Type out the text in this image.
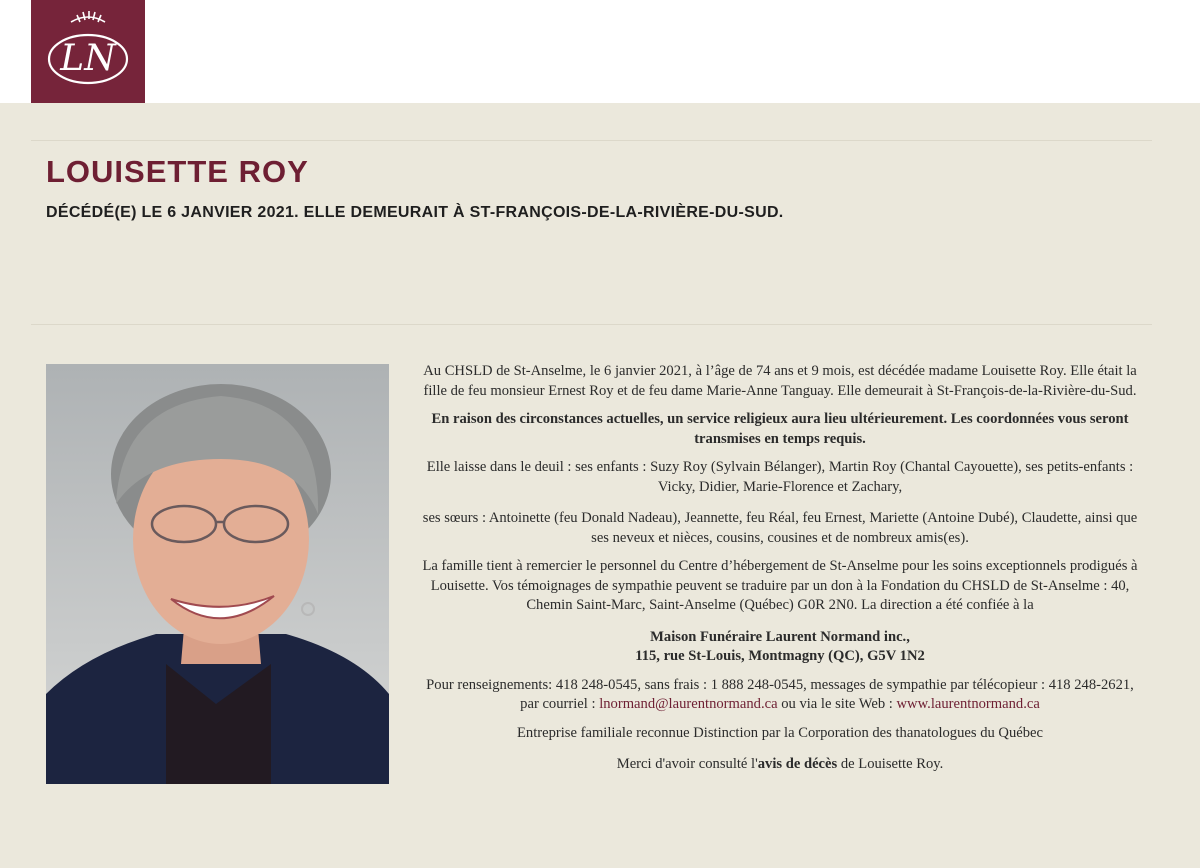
LN
LOUISETTE ROY
DÉCÉDÉ(E) LE 6 JANVIER 2021. ELLE DEMEURAIT À ST-FRANÇOIS-DE-LA-RIVIÈRE-DU-SUD.

Au CHSLD de St-Anselme, le 6 janvier 2021, à l’âge de 74 ans et 9 mois, est décédée madame Louisette Roy. Elle était la fille de feu monsieur Ernest Roy et de feu dame Marie-Anne Tanguay. Elle demeurait à St-François-de-la-Rivière-du-Sud.

En raison des circonstances actuelles, un service religieux aura lieu ultérieurement. Les coordonnées vous seront transmises en temps requis.

Elle laisse dans le deuil : ses enfants : Suzy Roy (Sylvain Bélanger), Martin Roy (Chantal Cayouette), ses petits-enfants : Vicky, Didier, Marie-Florence et Zachary,

ses sœurs : Antoinette (feu Donald Nadeau), Jeannette, feu Réal, feu Ernest, Mariette (Antoine Dubé), Claudette, ainsi que ses neveux et nièces, cousins, cousines et de nombreux amis(es).

La famille tient à remercier le personnel du Centre d’hébergement de St-Anselme pour les soins exceptionnels prodigués à Louisette. Vos témoignages de sympathie peuvent se traduire par un don à la Fondation du CHSLD de St-Anselme : 40, Chemin Saint-Marc, Saint-Anselme (Québec) G0R 2N0. La direction a été confiée à la

Maison Funéraire Laurent Normand inc.,
115, rue St-Louis, Montmagny (QC), G5V 1N2

Pour renseignements: 418 248-0545, sans frais : 1 888 248-0545, messages de sympathie par télécopieur : 418 248-2621, par courriel : lnormand@laurentnormand.ca ou via le site Web : www.laurentnormand.ca

Entreprise familiale reconnue Distinction par la Corporation des thanatologues du Québec

Merci d'avoir consulté l'avis de décès de Louisette Roy.
